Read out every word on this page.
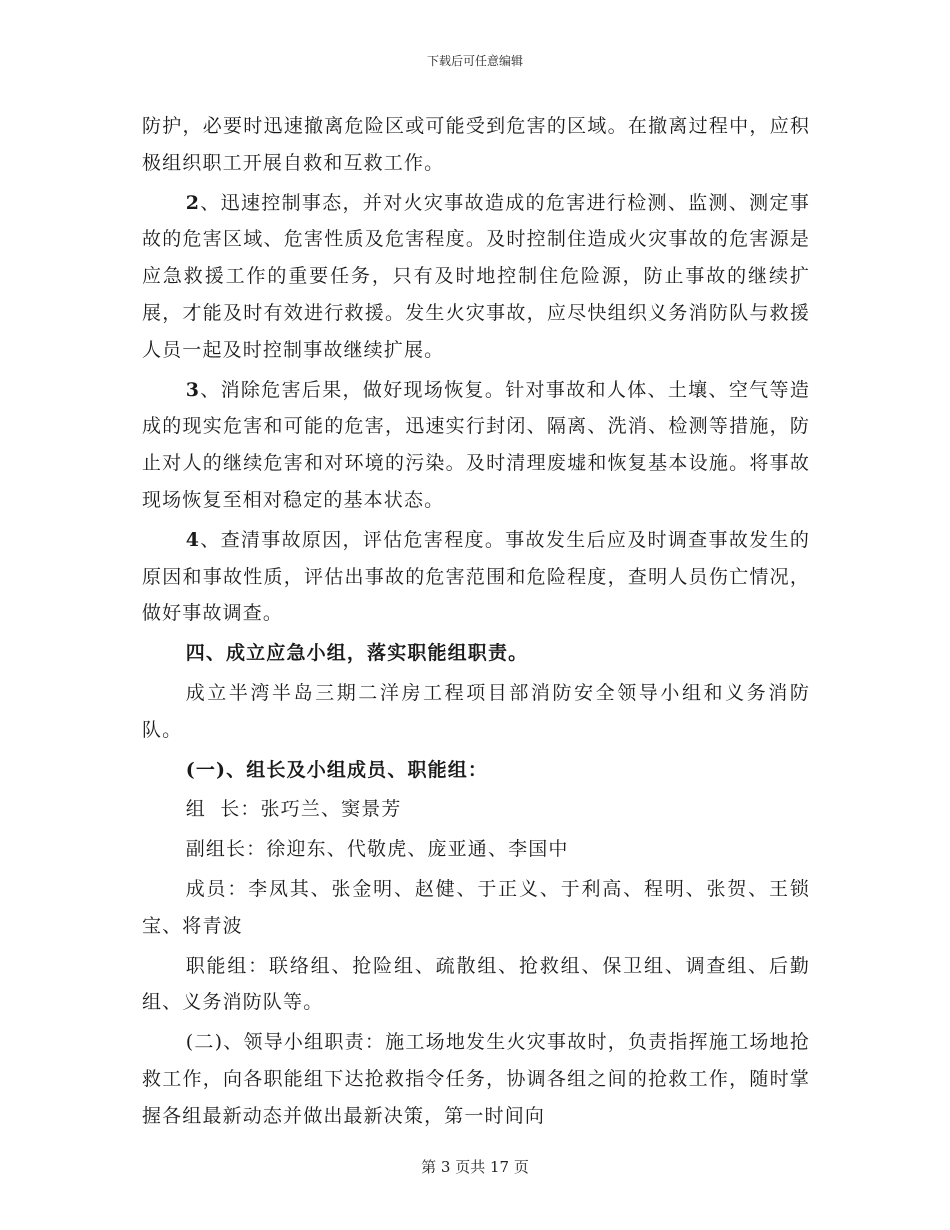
下载后可任意编辑

防护，必要时迅速撤离危险区或可能受到危害的区域。在撤离过程中，应积极组织职工开展自救和互救工作。

2、迅速控制事态，并对火灾事故造成的危害进行检测、监测、测定事故的危害区域、危害性质及危害程度。及时控制住造成火灾事故的危害源是应急救援工作的重要任务，只有及时地控制住危险源，防止事故的继续扩展，才能及时有效进行救援。发生火灾事故，应尽快组织义务消防队与救援人员一起及时控制事故继续扩展。

3、消除危害后果，做好现场恢复。针对事故和人体、土壤、空气等造成的现实危害和可能的危害，迅速实行封闭、隔离、洗消、检测等措施，防止对人的继续危害和对环境的污染。及时清理废墟和恢复基本设施。将事故现场恢复至相对稳定的基本状态。

4、查清事故原因，评估危害程度。事故发生后应及时调查事故发生的原因和事故性质，评估出事故的危害范围和危险程度，查明人员伤亡情况，做好事故调查。

四、成立应急小组，落实职能组职责。

成立半湾半岛三期二洋房工程项目部消防安全领导小组和义务消防队。

(一)、组长及小组成员、职能组：

组  长：张巧兰、窦景芳

副组长：徐迎东、代敬虎、庞亚通、李国中

成员：李凤其、张金明、赵健、于正义、于利高、程明、张贺、王锁宝、将青波

职能组：联络组、抢险组、疏散组、抢救组、保卫组、调查组、后勤组、义务消防队等。

(二)、领导小组职责：施工场地发生火灾事故时，负责指挥施工场地抢救工作，向各职能组下达抢救指令任务，协调各组之间的抢救工作，随时掌握各组最新动态并做出最新决策，第一时间向

第 3 页共 17 页
